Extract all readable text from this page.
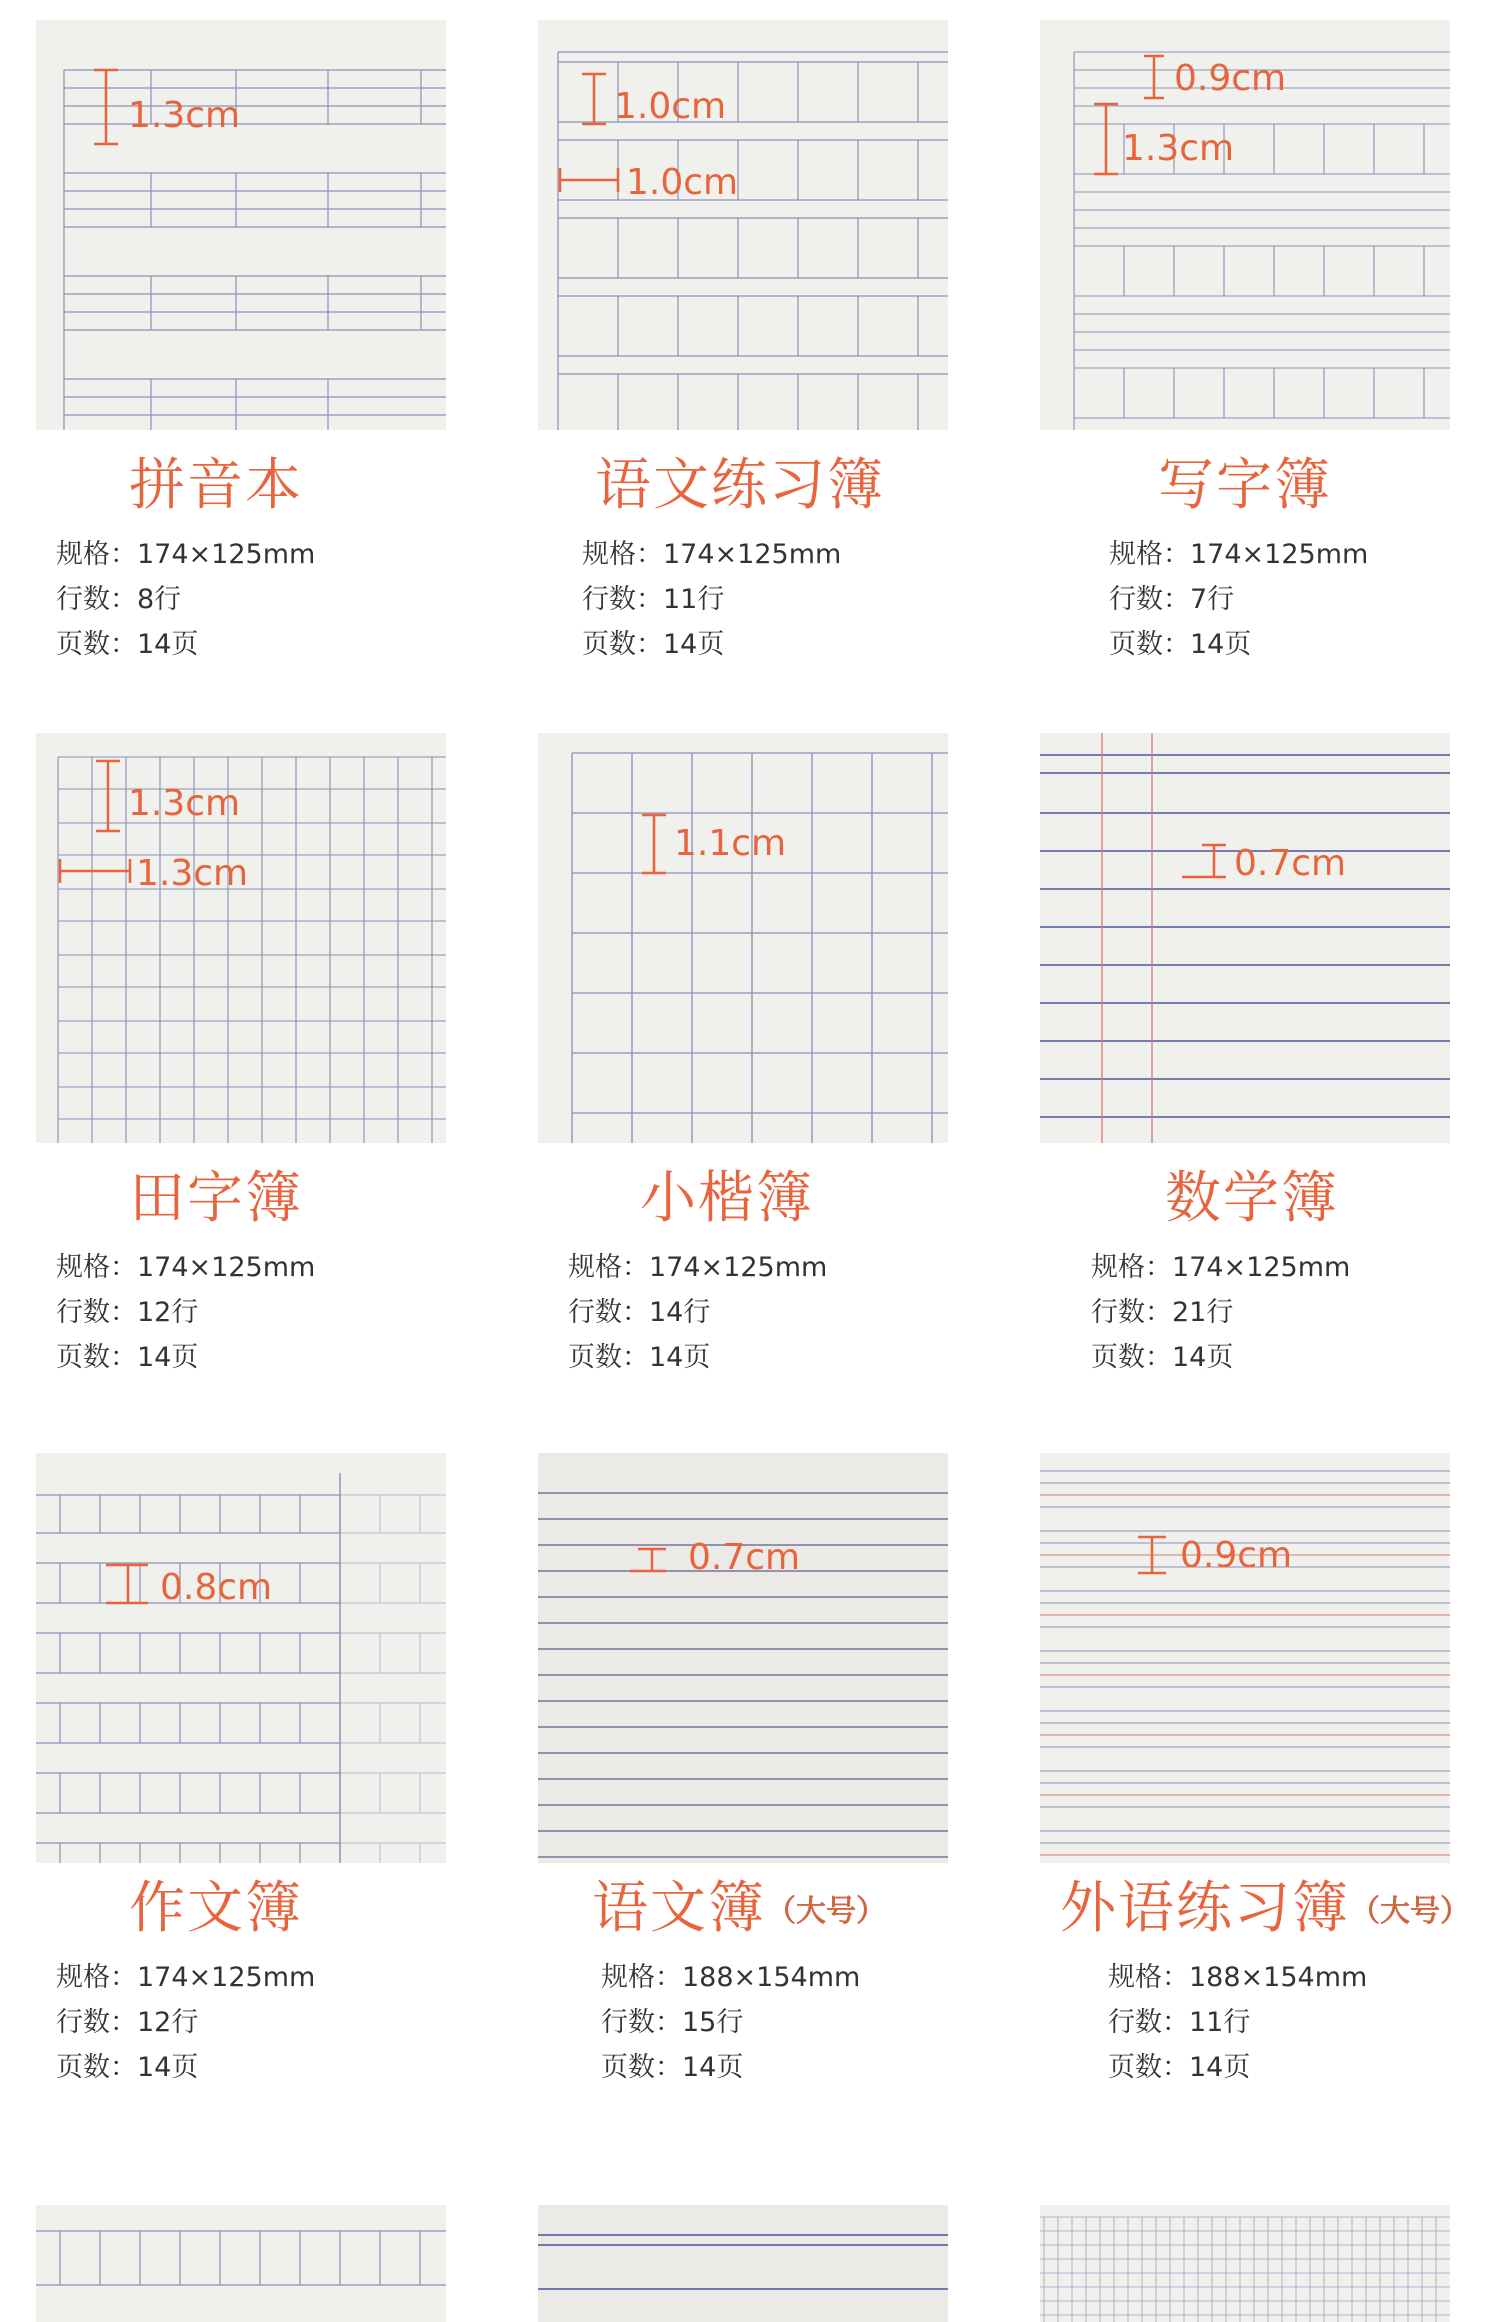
1.3cm	1.0cm
1.0cm
0.9cm
1.3cm
拼音本	语文练习簿	写字簿
规格：174×125mm
行数：8行
页数：14页
规格：174×125mm
行数：11行
页数：14页
规格：174×125mm
行数：7行
页数：14页
1.3cm
1.3cm
1.1cm	0.7cm
田字簿	小楷簿	数学簿
规格：174×125mm
行数：12行
页数：14页
规格：174×125mm
行数：14行
页数：14页
规格：174×125mm
行数：21行
页数：14页
0.8cm
0.7cm	0.9cm
作文簿	语文簿（大号）	外语练习簿（大号）
规格：174×125mm
行数：12行
页数：14页
规格：188×154mm
行数：15行
页数：14页
规格：188×154mm
行数：11行
页数：14页
